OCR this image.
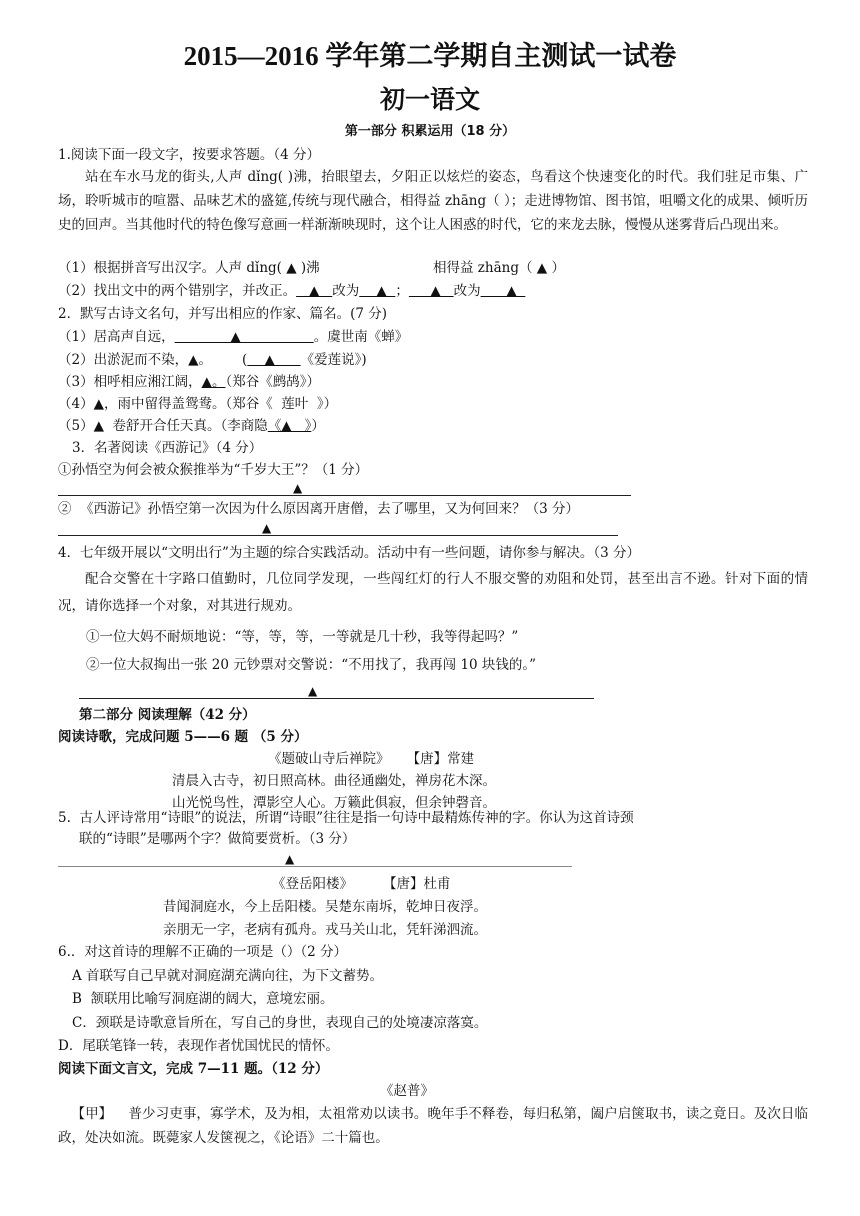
2015—2016 学年第二学期自主测试一试卷
初一语文
第一部分 积累运用（18 分）
1.阅读下面一段文字，按要求答题。（4 分）
站在车水马龙的街头,人声 dǐng( )沸，抬眼望去，夕阳正以炫烂的姿态，鸟看这个快速变化的时代。我们驻足市集、广场，聆听城市的喧嚣、品味艺术的盛筵,传统与现代融合，相得益 zhāng（ ）；走进博物馆、图书馆，咀嚼文化的成果、倾听历史的回声。当其他时代的特色像写意画一样渐渐映现时，这个让人困惑的时代，它的来龙去脉，慢慢从迷雾背后凸现出来。
（1）根据拼音写出汉字。人声 dǐng( ▲ )沸	相得益 zhāng（ ▲ ）
（2）找出文中的两个错别字，并改正。   ▲   改为    ▲  ；     ▲   改为      ▲
2．默写古诗文名句，并写出相应的作家、篇名。(7 分)
（1）居高声自远，             ▲                 。虞世南《蝉》
（2）出淤泥而不染，▲。       (    ▲      《爱莲说》)
（3）相呼相应湘江阔，▲。（郑谷《鹧鸪》）
（4）▲，雨中留得盖鸳鸯。（郑谷《  莲叶  》）
（5）▲  卷舒开合任天真。（李商隐《▲   》）
3．名著阅读《西游记》（4 分）
①孙悟空为何会被众猴推举为“千岁大王”？（1 分）
▲
②  《西游记》孙悟空第一次因为什么原因离开唐僧，去了哪里，又为何回来？（3 分）
▲
4．七年级开展以“文明出行”为主题的综合实践活动。活动中有一些问题，请你参与解决。（3 分）
配合交警在十字路口值勤时，几位同学发现，一些闯红灯的行人不服交警的劝阻和处罚，甚至出言不逊。针对下面的情况，请你选择一个对象，对其进行规劝。
①一位大妈不耐烦地说：“等，等，等，一等就是几十秒，我等得起吗？”
②一位大叔掏出一张 20 元钞票对交警说：“不用找了，我再闯 10 块钱的。”
▲
第二部分 阅读理解（42 分）
阅读诗歌，完成问题 5——6 题 （5 分）
《题破山寺后禅院》    【唐】常建
清晨入古寺，初日照高林。曲径通幽处，禅房花木深。
山光悦鸟性，潭影空人心。万籁此俱寂，但余钟磬音。
5.  古人评诗常用“诗眼”的说法，所谓“诗眼”往往是指一句诗中最精炼传神的字。你认为这首诗颈
联的“诗眼”是哪两个字？做简要赏析。（3 分）
▲
《登岳阳楼》       【唐】杜甫
昔闻洞庭水，今上岳阳楼。吴楚东南坼，乾坤日夜浮。
亲朋无一字，老病有孤舟。戎马关山北，凭轩涕泗流。
6.．对这首诗的理解不正确的一项是（）（2 分）
A 首联写自己早就对洞庭湖充满向往，为下文蓄势。
B  颔联用比喻写洞庭湖的阔大，意境宏丽。
C．颈联是诗歌意旨所在，写自己的身世，表现自己的处境凄凉落寞。
D．尾联笔锋一转，表现作者忧国忧民的情怀。
阅读下面文言文，完成 7—11 题。（12 分）
《赵普》
【甲】 普少习吏事，寡学术，及为相，太祖常劝以读书。晚年手不释卷，每归私第，阖户启箧取书，读之竟日。及次日临政，处决如流。既薨家人发箧视之，《论语》二十篇也。
